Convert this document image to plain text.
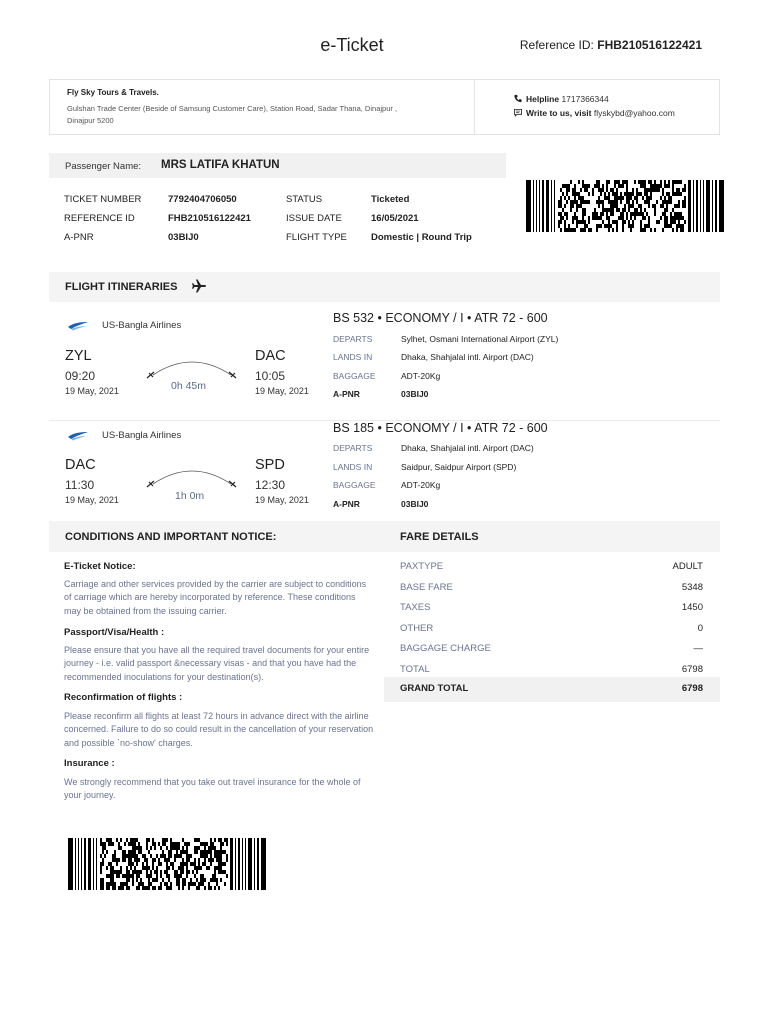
e-Ticket	Reference ID: FHB210516122421
Fly Sky Tours & Travels.
Gulshan Trade Center (Beside of Samsung Customer Care), Station Road, Sadar Thana, Dinajpur , Dinajpur 5200
Helpline 1717366344
Write to us, visit flyskybd@yahoo.com
Passenger Name: MRS LATIFA KHATUN
TICKET NUMBER	7792404706050	STATUS	Ticketed
REFERENCE ID	FHB210516122421	ISSUE DATE	16/05/2021
A-PNR	03BIJ0	FLIGHT TYPE	Domestic | Round Trip
FLIGHT ITINERARIES
US-Bangla Airlines
ZYL
09:20
19 May, 2021	0h 45m
DAC
10:05
19 May, 2021
BS 532 • ECONOMY / I • ATR 72 - 600
DEPARTS	Sylhet, Osmani International Airport (ZYL)
LANDS IN	Dhaka, Shahjalal intl. Airport (DAC)
BAGGAGE	ADT-20Kg
A-PNR	03BIJ0
US-Bangla Airlines
DAC
11:30
19 May, 2021	1h 0m
SPD
12:30
19 May, 2021
BS 185 • ECONOMY / I • ATR 72 - 600
DEPARTS	Dhaka, Shahjalal intl. Airport (DAC)
LANDS IN	Saidpur, Saidpur Airport (SPD)
BAGGAGE	ADT-20Kg
A-PNR	03BIJ0
CONDITIONS AND IMPORTANT NOTICE:	FARE DETAILS
E-Ticket Notice:
Carriage and other services provided by the carrier are subject to conditions of carriage which are hereby incorporated by reference. These conditions may be obtained from the issuing carrier.
Passport/Visa/Health :
Please ensure that you have all the required travel documents for your entire journey - i.e. valid passport &necessary visas - and that you have had the recommended inoculations for your destination(s).
Reconfirmation of flights :
Please reconfirm all flights at least 72 hours in advance direct with the airline concerned. Failure to do so could result in the cancellation of your reservation and possible `no-show' charges.
Insurance :
We strongly recommend that you take out travel insurance for the whole of your journey.
PAXTYPE	ADULT
BASE FARE	5348
TAXES	1450
OTHER	0
BAGGAGE CHARGE	—
TOTAL	6798
GRAND TOTAL	6798
